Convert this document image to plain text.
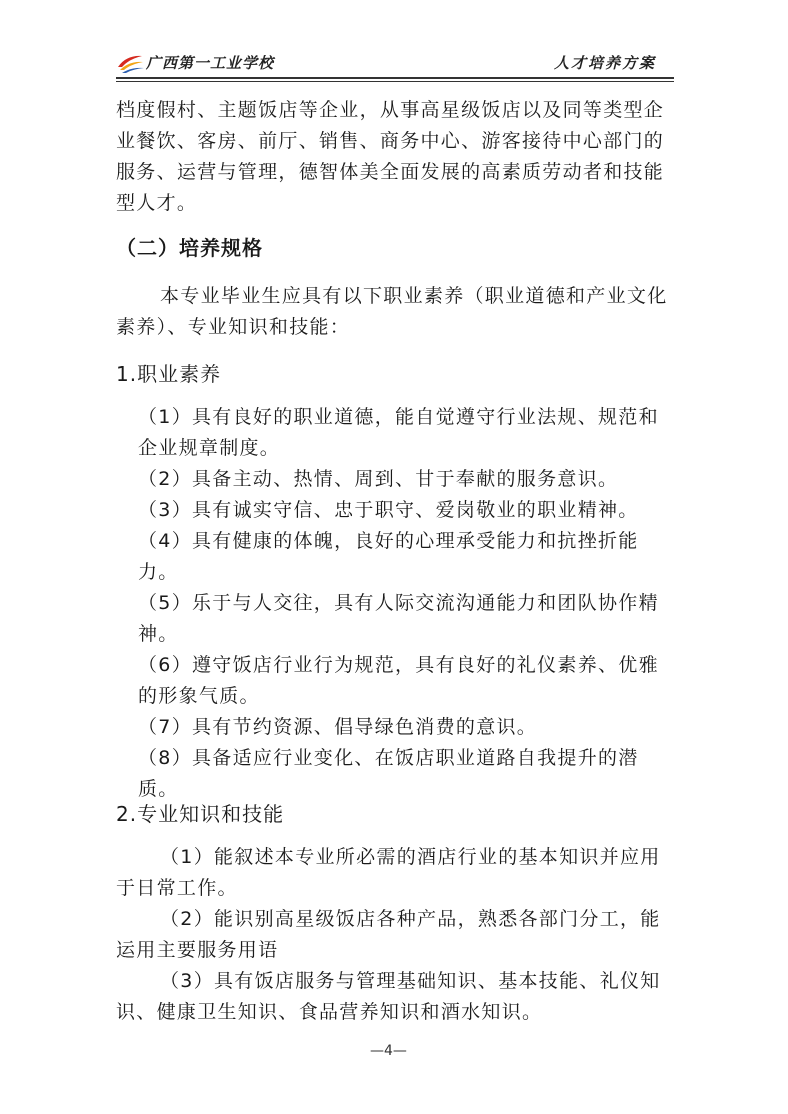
广西第一工业学校	人才培养方案
档度假村、主题饭店等企业，从事高星级饭店以及同等类型企业餐饮、客房、前厅、销售、商务中心、游客接待中心部门的服务、运营与管理，德智体美全面发展的高素质劳动者和技能型人才。
（二）培养规格
本专业毕业生应具有以下职业素养（职业道德和产业文化素养）、专业知识和技能：
1.职业素养
（1）具有良好的职业道德，能自觉遵守行业法规、规范和企业规章制度。
（2）具备主动、热情、周到、甘于奉献的服务意识。
（3）具有诚实守信、忠于职守、爱岗敬业的职业精神。
（4）具有健康的体魄，良好的心理承受能力和抗挫折能力。
（5）乐于与人交往，具有人际交流沟通能力和团队协作精神。
（6）遵守饭店行业行为规范，具有良好的礼仪素养、优雅的形象气质。
（7）具有节约资源、倡导绿色消费的意识。
（8）具备适应行业变化、在饭店职业道路自我提升的潜质。
2.专业知识和技能
（1）能叙述本专业所必需的酒店行业的基本知识并应用于日常工作。
（2）能识别高星级饭店各种产品，熟悉各部门分工，能运用主要服务用语
（3）具有饭店服务与管理基础知识、基本技能、礼仪知识、健康卫生知识、食品营养知识和酒水知识。
—4—
